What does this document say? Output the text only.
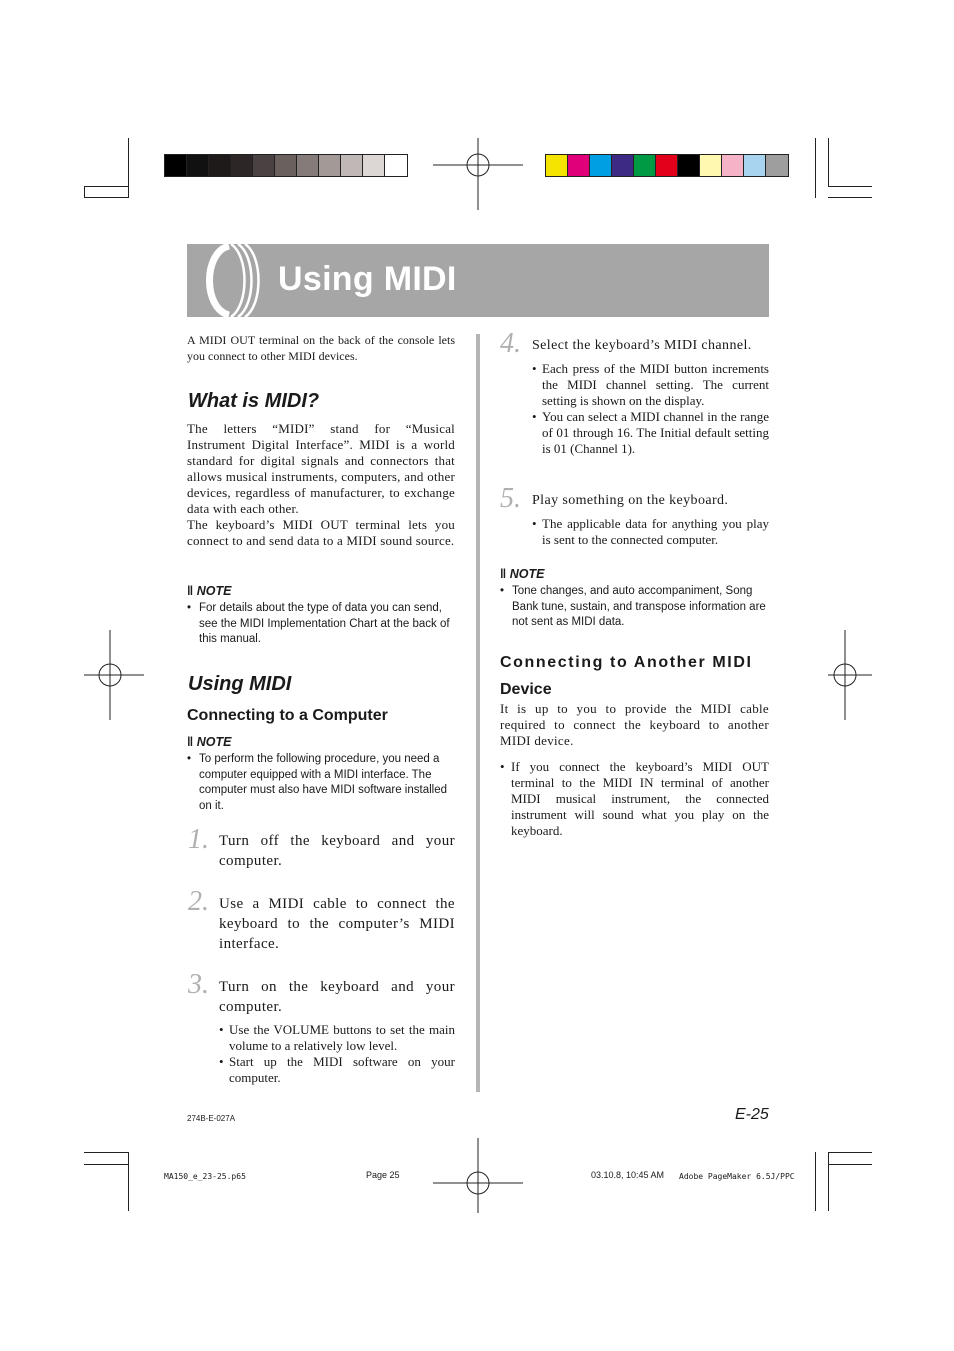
Using MIDI
A MIDI OUT terminal on the back of the console lets you connect to other MIDI devices.
What is MIDI?
The letters “MIDI” stand for “Musical Instrument Digital Interface”. MIDI is a world standard for digital signals and connectors that allows musical instruments, computers, and other devices, regardless of manufacturer, to exchange data with each other.
The keyboard’s MIDI OUT terminal lets you connect to and send data to a MIDI sound source.
‖ NOTE
• For details about the type of data you can send, see the MIDI Implementation Chart at the back of this manual.
Using MIDI
Connecting to a Computer
‖ NOTE
• To perform the following procedure, you need a computer equipped with a MIDI interface. The computer must also have MIDI software installed on it.
1. Turn off the keyboard and your computer.
2. Use a MIDI cable to connect the keyboard to the computer’s MIDI interface.
3. Turn on the keyboard and your computer.
• Use the VOLUME buttons to set the main volume to a relatively low level.
• Start up the MIDI software on your computer.
4. Select the keyboard’s MIDI channel.
• Each press of the MIDI button increments the MIDI channel setting. The current setting is shown on the display.
• You can select a MIDI channel in the range of 01 through 16. The Initial default setting is 01 (Channel 1).
5. Play something on the keyboard.
• The applicable data for anything you play is sent to the connected computer.
‖ NOTE
• Tone changes, and auto accompaniment, Song Bank tune, sustain, and transpose information are not sent as MIDI data.
Connecting to Another MIDI
Device
It is up to you to provide the MIDI cable required to connect the keyboard to another MIDI device.
• If you connect the keyboard’s MIDI OUT terminal to the MIDI IN terminal of another MIDI musical instrument, the connected instrument will sound what you play on the keyboard.
274B-E-027A	E-25
MA150_e_23-25.p65	Page 25	03.10.8, 10:45 AM Adobe PageMaker 6.5J/PPC
